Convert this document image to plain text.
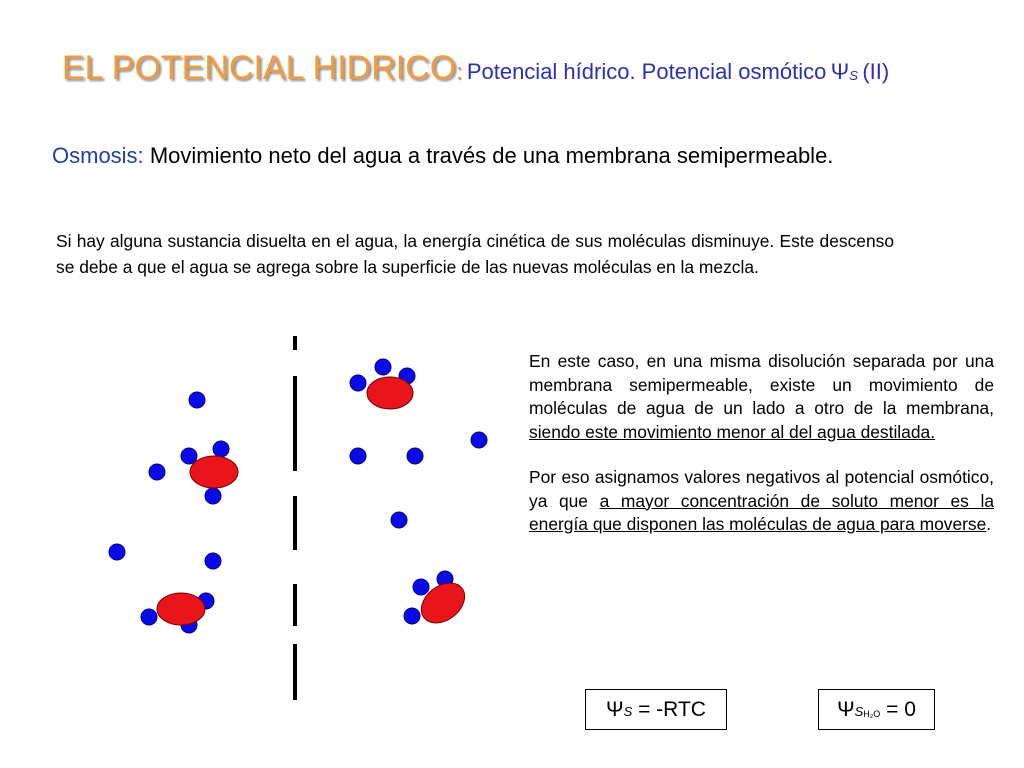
EL POTENCIAL HIDRICO: Potencial hídrico. Potencial osmótico ΨS (II)
Osmosis: Movimiento neto del agua a través de una membrana semipermeable.
Si hay alguna sustancia disuelta en el agua, la energía cinética de sus moléculas disminuye. Este descenso se debe a que el agua se agrega sobre la superficie de las nuevas moléculas en la mezcla.

En este caso, en una misma disolución separada por una membrana semipermeable, existe un movimiento de moléculas de agua de un lado a otro de la membrana, siendo este movimiento menor al del agua destilada.

Por eso asignamos valores negativos al potencial osmótico, ya que a mayor concentración de soluto menor es la energía que disponen las moléculas de agua para moverse.

Ψ S = -RTC	Ψ S H₂O = 0
